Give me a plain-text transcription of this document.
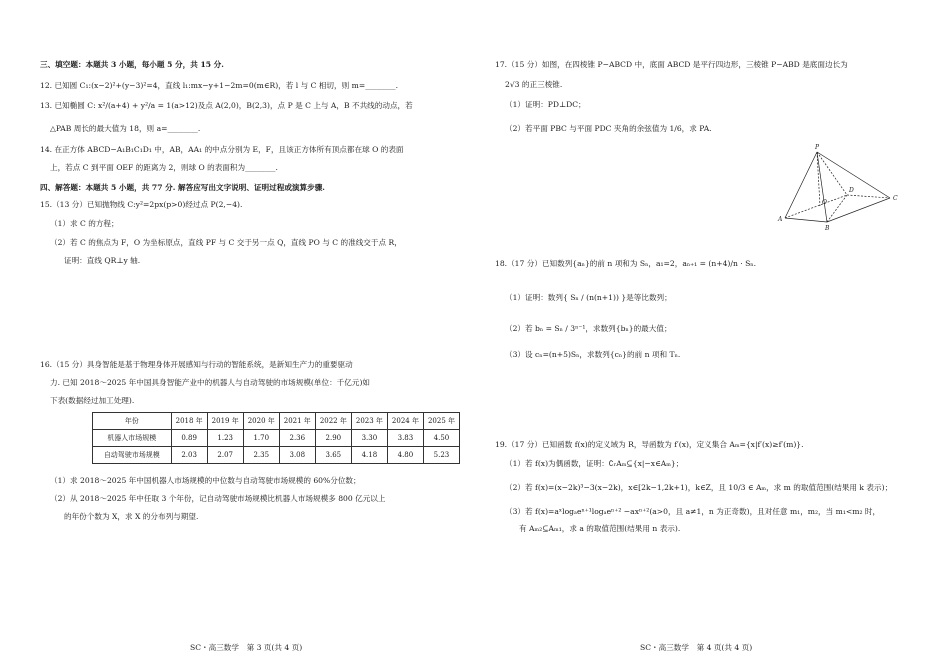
三、填空题：本题共 3 小题，每小题 5 分，共 15 分.
12. 已知圆 C₁:(x−2)²+(y−3)²=4，直线 l₁:mx−y+1−2m=0(m∈R)，若 l 与 C 相切，则 m=________.
13. 已知椭圆 C: x²/(a+4) + y²/a = 1(a>12)及点 A(2,0)，B(2,3)，点 P 是 C 上与 A，B 不共线的动点，若
△PAB 周长的最大值为 18，则 a=________.
14. 在正方体 ABCD−A₁B₁C₁D₁ 中，AB，AA₁ 的中点分别为 E，F，且该正方体所有顶点都在球 O 的表面
上，若点 C 到平面 OEF 的距离为 2，则球 O 的表面积为________.
四、解答题：本题共 5 小题，共 77 分. 解答应写出文字说明、证明过程或演算步骤.
15.（13 分）已知抛物线 C:y²=2px(p>0)经过点 P(2,−4).
（1）求 C 的方程；
（2）若 C 的焦点为 F，O 为坐标原点，直线 PF 与 C 交于另一点 Q，直线 PO 与 C 的准线交于点 R，
证明：直线 QR⊥y 轴.
16.（15 分）具身智能是基于物理身体开展感知与行动的智能系统，是新知生产力的重要驱动
力. 已知 2018～2025 年中国具身智能产业中的机器人与自动驾驶的市场规模(单位：千亿元)如
下表(数据经过加工处理).
年份	2018 年	2019 年	2020 年	2021 年	2022 年	2023 年	2024 年	2025 年
机器人市场规模	0.89	1.23	1.70	2.36	2.90	3.30	3.83	4.50
自动驾驶市场规模	2.03	2.07	2.35	3.08	3.65	4.18	4.80	5.23
（1）求 2018～2025 年中国机器人市场规模的中位数与自动驾驶市场规模的 60%分位数；
（2）从 2018～2025 年中任取 3 个年份，记自动驾驶市场规模比机器人市场规模多 800 亿元以上
的年份个数为 X，求 X 的分布列与期望.
SC・高三数学　第 3 页(共 4 页)
17.（15 分）如图，在四棱锥 P−ABCD 中，底面 ABCD 是平行四边形，三棱锥 P−ABD 是底面边长为
2√3 的正三棱锥.
（1）证明：PD⊥DC；
（2）若平面 PBC 与平面 PDC 夹角的余弦值为 1/6，求 PA.
P
A
B
C
D
O
18.（17 分）已知数列{aₙ}的前 n 项和为 Sₙ，a₁=2，aₙ₊₁ = (n+4)/n · Sₙ.
（1）证明：数列{ Sₙ / (n(n+1)) }是等比数列；
（2）若 bₙ = Sₙ / 3ⁿ⁻¹，求数列{bₙ}的最大值；
（3）设 cₙ=(n+5)Sₙ，求数列{cₙ}的前 n 项和 Tₙ.
19.（17 分）已知函数 f(x)的定义域为 R，导函数为 f′(x)，定义集合 Aₘ={x|f′(x)≥f′(m)}.
（1）若 f(x)为偶函数，证明：∁ᵣAₘ⊆{x|−x∈Aₘ}；
（2）若 f(x)=(x−2k)³−3(x−2k)，x∈[2k−1,2k+1)，k∈Z，且 10/3 ∈ Aₘ，求 m 的取值范围(结果用 k 表示)；
（3）若 f(x)=aˣlogₐeⁿ⁺¹logₐeⁿ⁺² −axⁿ⁺²(a>0，且 a≠1，n 为正奇数)，且对任意 m₁，m₂，当 m₁<m₂ 时，
有 Aₘ₂⊆Aₘ₁，求 a 的取值范围(结果用 n 表示).
SC・高三数学　第 4 页(共 4 页)
